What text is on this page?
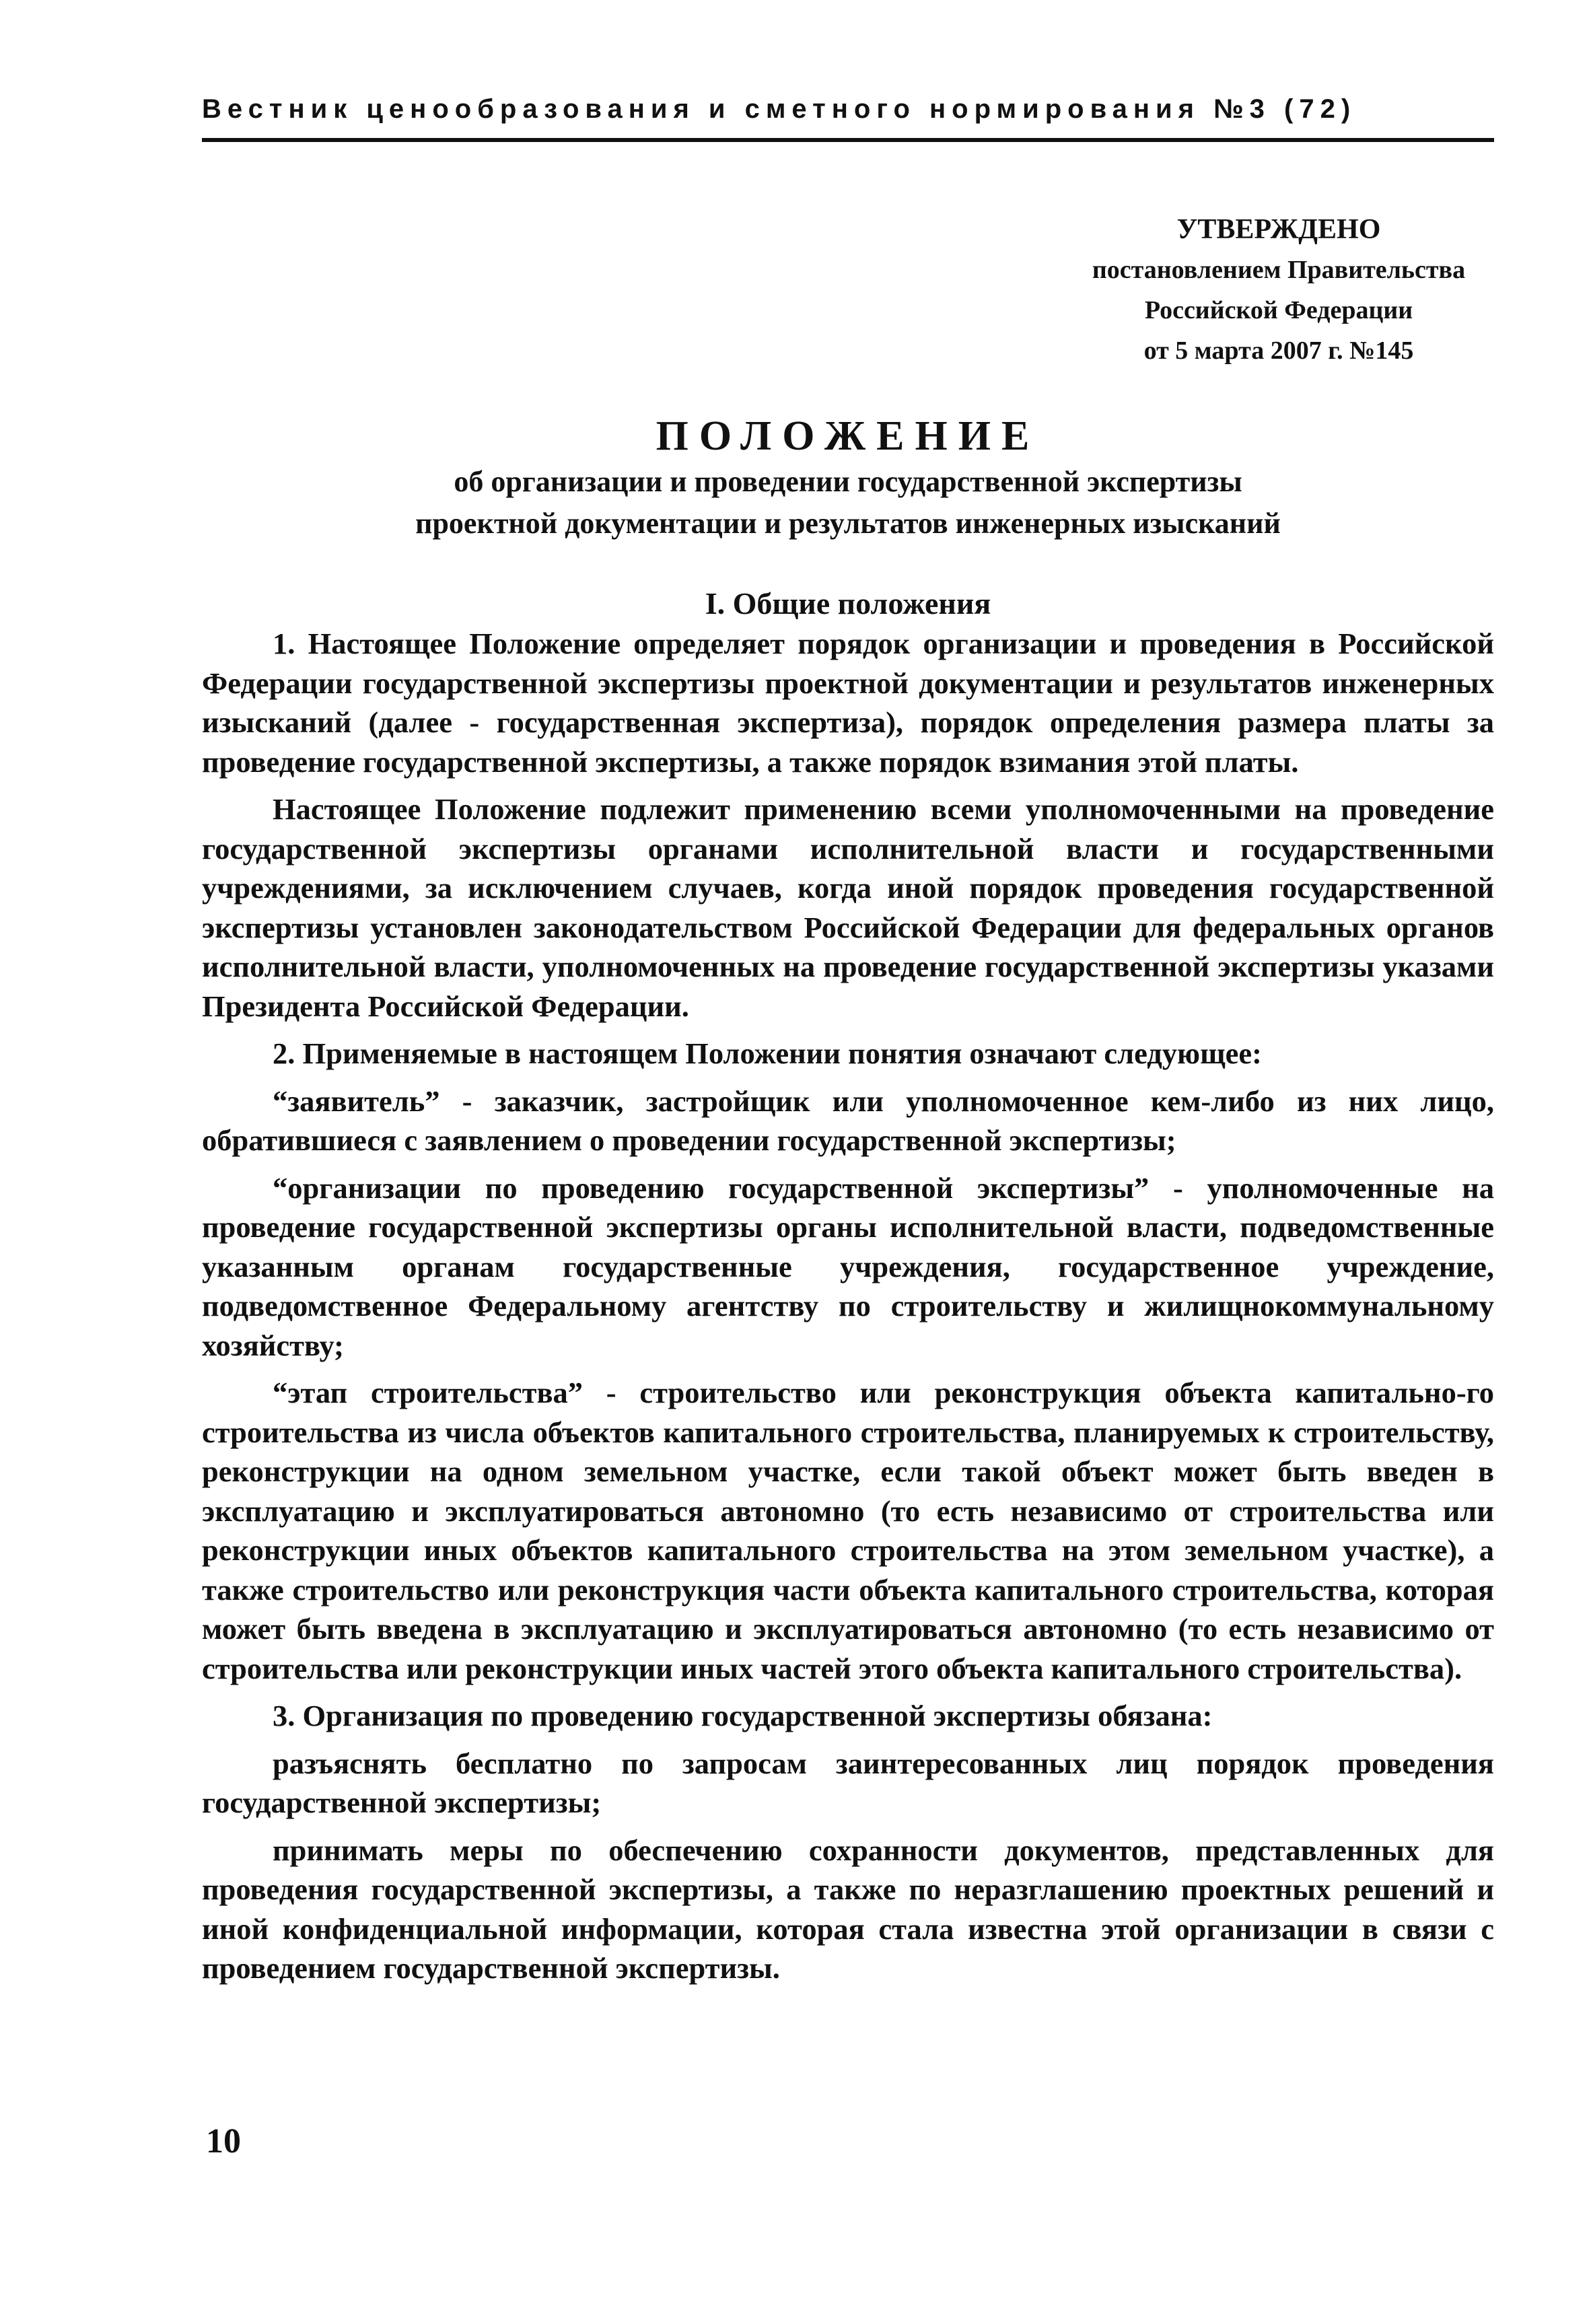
Вестник ценообразования и сметного нормирования №3 (72)
УТВЕРЖДЕНО
постановлением Правительства
Российской Федерации
от 5 марта 2007 г. №145
ПОЛОЖЕНИЕ
об организации и проведении государственной экспертизы
проектной документации и результатов инженерных изысканий
I. Общие положения

1. Настоящее Положение определяет порядок организации и проведения в Российской Федерации государственной экспертизы проектной документации и результатов инженерных изысканий (далее - государственная экспертиза), порядок определения размера платы за проведение государственной экспертизы, а также порядок взимания этой платы.

Настоящее Положение подлежит применению всеми уполномоченными на проведение государственной экспертизы органами исполнительной власти и государственными учреждениями, за исключением случаев, когда иной порядок проведения государственной экспертизы установлен законодательством Российской Федерации для федеральных органов исполнительной власти, уполномоченных на проведение государственной экспертизы указами Президента Российской Федерации.

2. Применяемые в настоящем Положении понятия означают следующее:

“заявитель” - заказчик, застройщик или уполномоченное кем-либо из них лицо, обратившиеся с заявлением о проведении государственной экспертизы;

“организации по проведению государственной экспертизы” - уполномоченные на проведение государственной экспертизы органы исполнительной власти, подведомственные указанным органам государственные учреждения, государственное учреждение, подведомственное Федеральному агентству по строительству и жилищнокоммунальному хозяйству;

“этап строительства” - строительство или реконструкция объекта капитально-го строительства из числа объектов капитального строительства, планируемых к строительству, реконструкции на одном земельном участке, если такой объект может быть введен в эксплуатацию и эксплуатироваться автономно (то есть независимо от строительства или реконструкции иных объектов капитального строительства на этом земельном участке), а также строительство или реконструкция части объекта капитального строительства, которая может быть введена в эксплуатацию и эксплуатироваться автономно (то есть независимо от строительства или реконструкции иных частей этого объекта капитального строительства).

3. Организация по проведению государственной экспертизы обязана:

разъяснять бесплатно по запросам заинтересованных лиц порядок проведения государственной экспертизы;

принимать меры по обеспечению сохранности документов, представленных для проведения государственной экспертизы, а также по неразглашению проектных решений и иной конфиденциальной информации, которая стала известна этой организации в связи с проведением государственной экспертизы.

10
